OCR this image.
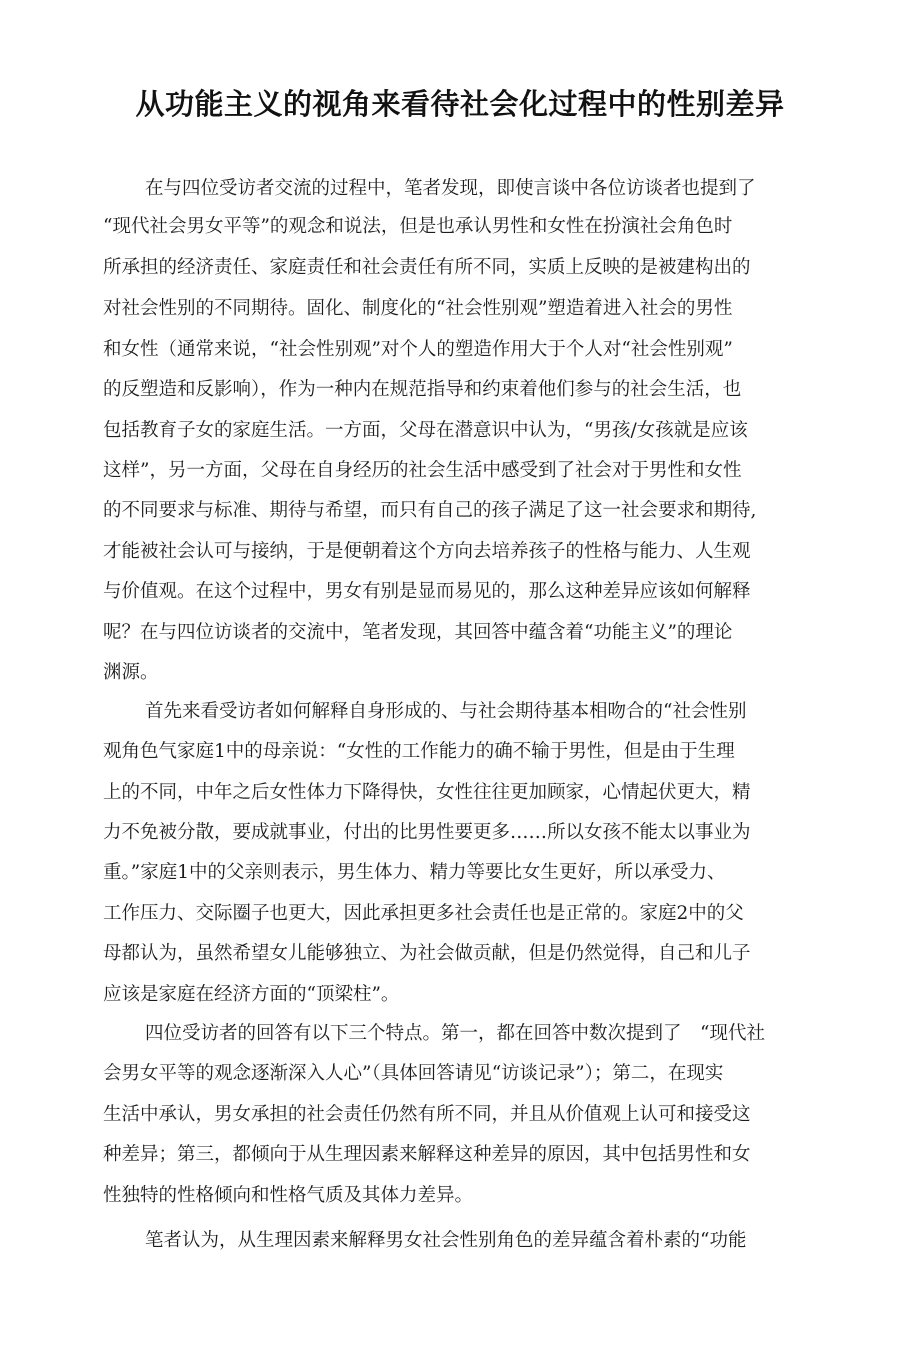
从功能主义的视角来看待社会化过程中的性别差异

在与四位受访者交流的过程中，笔者发现，即使言谈中各位访谈者也提到了

“现代社会男女平等”的观念和说法，但是也承认男性和女性在扮演社会角色时

所承担的经济责任、家庭责任和社会责任有所不同，实质上反映的是被建构出的

对社会性别的不同期待。固化、制度化的“社会性别观”塑造着进入社会的男性

和女性（通常来说，“社会性别观”对个人的塑造作用大于个人对“社会性别观”

的反塑造和反影响），作为一种内在规范指导和约束着他们参与的社会生活，也

包括教育子女的家庭生活。一方面，父母在潜意识中认为，“男孩/女孩就是应该

这样”，另一方面，父母在自身经历的社会生活中感受到了社会对于男性和女性

的不同要求与标准、期待与希望，而只有自己的孩子满足了这一社会要求和期待,

才能被社会认可与接纳，于是便朝着这个方向去培养孩子的性格与能力、人生观

与价值观。在这个过程中，男女有别是显而易见的，那么这种差异应该如何解释

呢？在与四位访谈者的交流中，笔者发现，其回答中蕴含着“功能主义”的理论

渊源。

首先来看受访者如何解释自身形成的、与社会期待基本相吻合的“社会性别

观角色气家庭1中的母亲说：“女性的工作能力的确不输于男性，但是由于生理

上的不同，中年之后女性体力下降得快，女性往往更加顾家，心情起伏更大，精

力不免被分散，要成就事业，付出的比男性要更多……所以女孩不能太以事业为

重。”家庭1中的父亲则表示，男生体力、精力等要比女生更好，所以承受力、

工作压力、交际圈子也更大，因此承担更多社会责任也是正常的。家庭2中的父

母都认为，虽然希望女儿能够独立、为社会做贡献，但是仍然觉得，自己和儿子

应该是家庭在经济方面的“顶梁柱”。

四位受访者的回答有以下三个特点。第一，都在回答中数次提到了　“现代社

会男女平等的观念逐渐深入人心”（具体回答请见“访谈记录”）；第二，在现实

生活中承认，男女承担的社会责任仍然有所不同，并且从价值观上认可和接受这

种差异；第三，都倾向于从生理因素来解释这种差异的原因，其中包括男性和女

性独特的性格倾向和性格气质及其体力差异。

笔者认为，从生理因素来解释男女社会性别角色的差异蕴含着朴素的“功能
